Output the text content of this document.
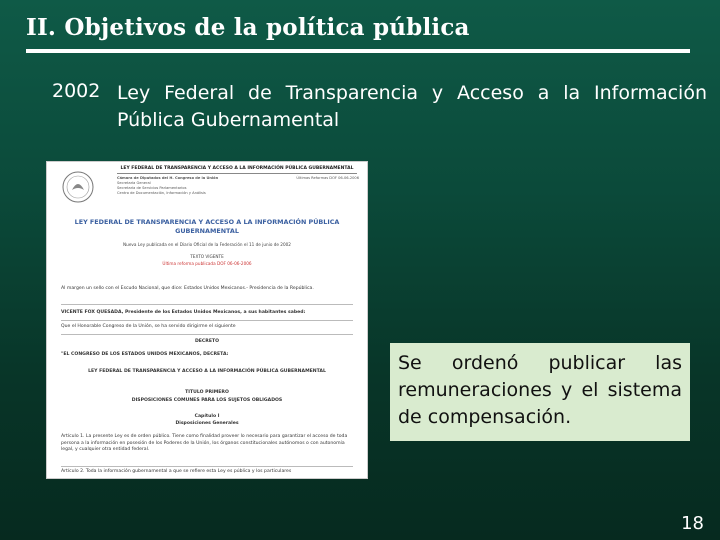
II. Objetivos de la política pública
2002 Ley Federal de Transparencia y Acceso a la Información Pública Gubernamental
LEY FEDERAL DE TRANSPARENCIA Y ACCESO A LA INFORMACIÓN PÚBLICA GUBERNAMENTAL
Cámara de Diputados del H. Congreso de la Unión
Secretaría General
Secretaría de Servicios Parlamentarios
Centro de Documentación, Información y Análisis
Últimas Reformas DOF 06-06-2006
LEY FEDERAL DE TRANSPARENCIA Y ACCESO A LA INFORMACIÓN PÚBLICA GUBERNAMENTAL
Nueva Ley publicada en el Diario Oficial de la Federación el 11 de junio de 2002
TEXTO VIGENTE
Última reforma publicada DOF 06-06-2006
Al margen un sello con el Escudo Nacional, que dice: Estados Unidos Mexicanos.- Presidencia de la República.
VICENTE FOX QUESADA, Presidente de los Estados Unidos Mexicanos, a sus habitantes sabed:
Que el Honorable Congreso de la Unión, se ha servido dirigirme el siguiente
DECRETO
"EL CONGRESO DE LOS ESTADOS UNIDOS MEXICANOS, DECRETA:
LEY FEDERAL DE TRANSPARENCIA Y ACCESO A LA INFORMACIÓN PÚBLICA GUBERNAMENTAL
TITULO PRIMERO
DISPOSICIONES COMUNES PARA LOS SUJETOS OBLIGADOS
Capítulo I
Disposiciones Generales
Artículo 1. La presente Ley es de orden público. Tiene como finalidad proveer lo necesario para garantizar el acceso de toda persona a la información en posesión de los Poderes de la Unión, los órganos constitucionales autónomos o con autonomía legal, y cualquier otra entidad federal.
Artículo 2. Toda la información gubernamental a que se refiere esta Ley es pública y los particulares
Se ordenó publicar las remuneraciones y el sistema de compensación.
18
